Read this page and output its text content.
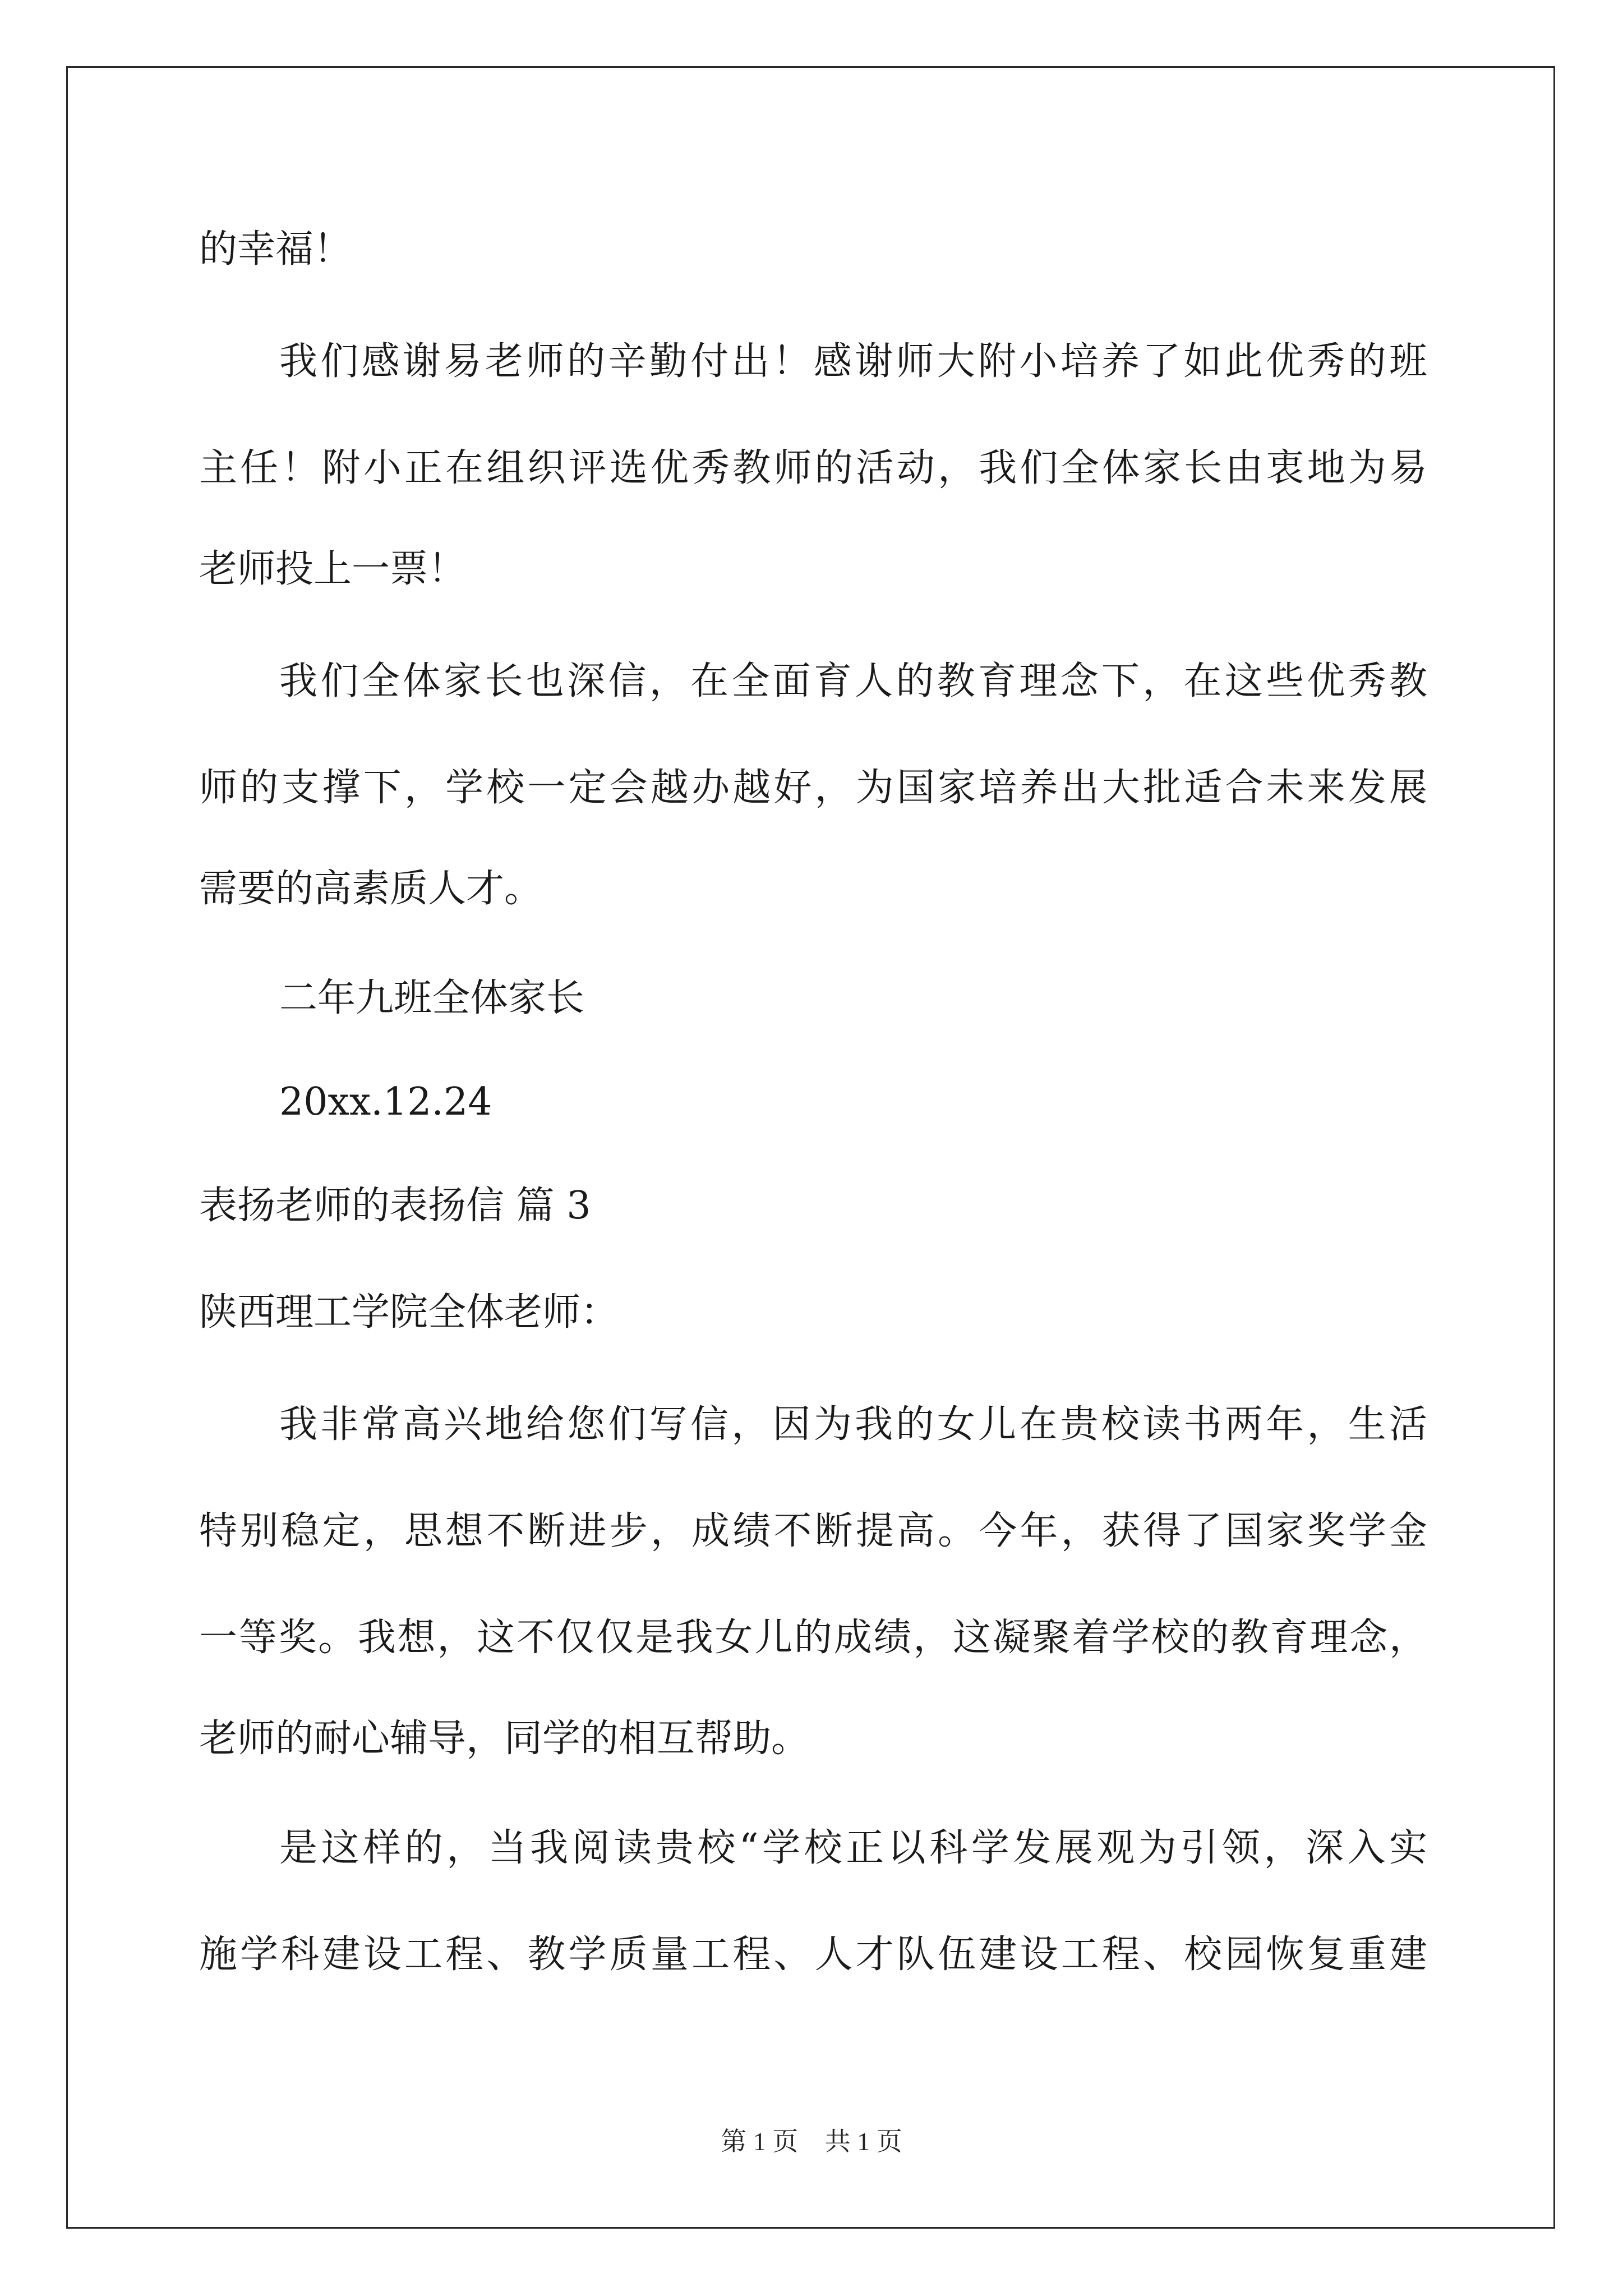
的幸福！
我们感谢易老师的辛勤付出！感谢师大附小培养了如此优秀的班
主任！附小正在组织评选优秀教师的活动，我们全体家长由衷地为易
老师投上一票！
我们全体家长也深信，在全面育人的教育理念下，在这些优秀教
师的支撑下，学校一定会越办越好，为国家培养出大批适合未来发展
需要的高素质人才。
二年九班全体家长
20xx.12.24
表扬老师的表扬信 篇 3
陕西理工学院全体老师：
我非常高兴地给您们写信，因为我的女儿在贵校读书两年，生活
特别稳定，思想不断进步，成绩不断提高。今年，获得了国家奖学金
一等奖。我想，这不仅仅是我女儿的成绩，这凝聚着学校的教育理念，
老师的耐心辅导，同学的相互帮助。
是这样的，当我阅读贵校“学校正以科学发展观为引领，深入实
施学科建设工程、教学质量工程、人才队伍建设工程、校园恢复重建
第 1 页 共 1 页
